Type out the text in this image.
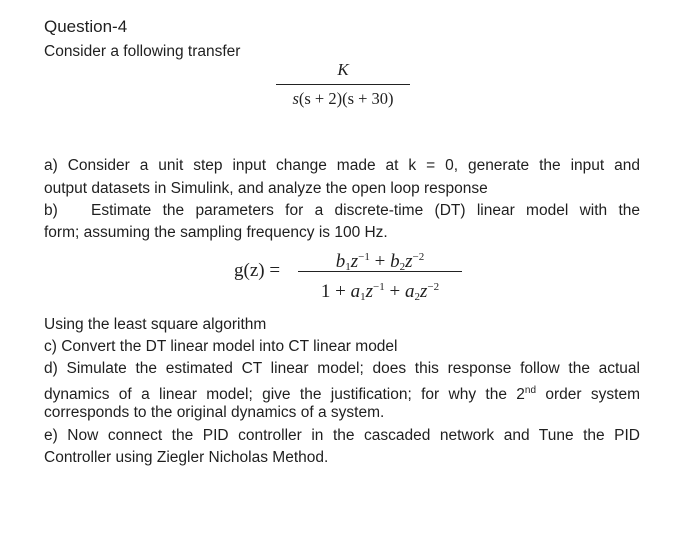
Question-4
Consider a following transfer
K
s(s + 2)(s + 30)
a) Consider a unit step input change made at k = 0, generate the input and
output datasets in Simulink, and analyze the open loop response
b) Estimate the parameters for a discrete-time (DT) linear model with the
form; assuming the sampling frequency is 100 Hz.
g(z) =	$b_1z^{-1} + b_2z^{-2}$
$1 + a_1z^{-1} + a_2z^{-2}$
Using the least square algorithm
c) Convert the DT linear model into CT linear model
d) Simulate the estimated CT linear model; does this response follow the actual
dynamics of a linear model; give the justification; for why the 2nd order system
corresponds to the original dynamics of a system.
e) Now connect the PID controller in the cascaded network and Tune the PID
Controller using Ziegler Nicholas Method.
